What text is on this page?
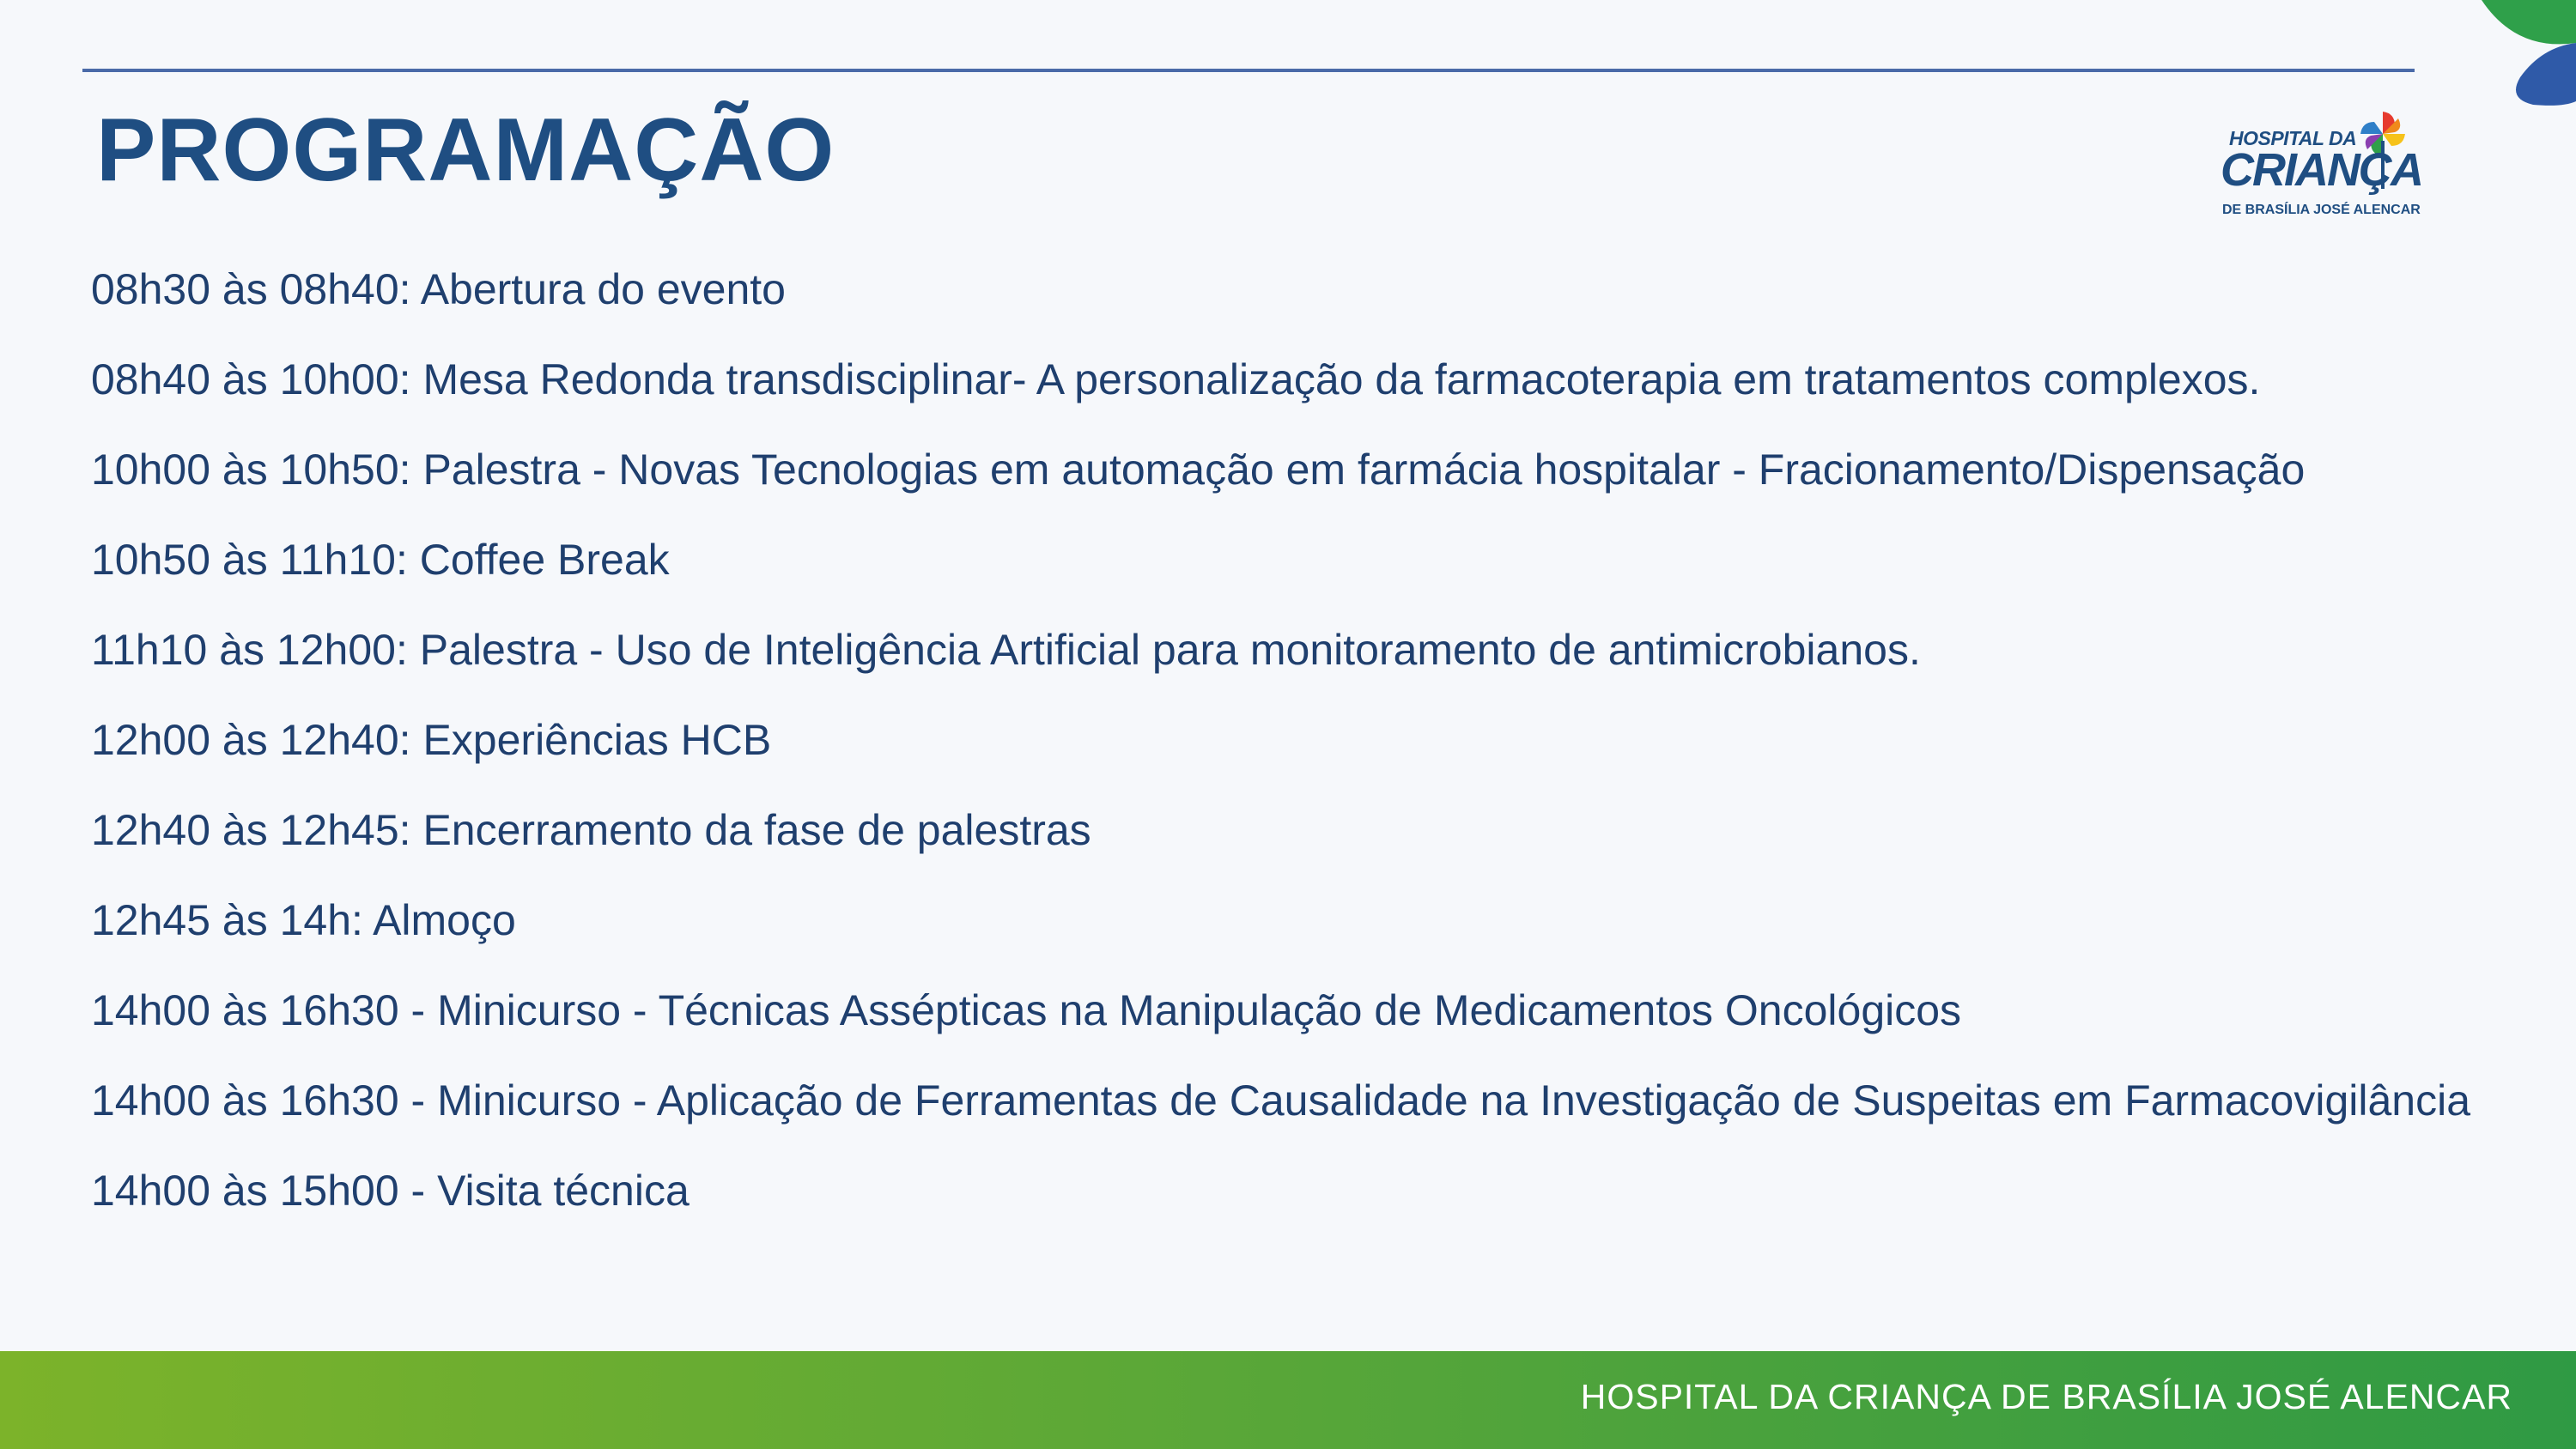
PROGRAMAÇÃO	HOSPITAL DA
CRIANÇA
DE BRASÍLIA JOSÉ ALENCAR
08h30 às 08h40: Abertura do evento
08h40 às 10h00: Mesa Redonda transdisciplinar- A personalização da farmacoterapia em tratamentos complexos.
10h00 às 10h50: Palestra - Novas Tecnologias em automação em farmácia hospitalar - Fracionamento/Dispensação
10h50 às 11h10: Coffee Break
11h10 às 12h00: Palestra - Uso de Inteligência Artificial para monitoramento de antimicrobianos.
12h00 às 12h40: Experiências HCB
12h40 às 12h45: Encerramento da fase de palestras
12h45 às 14h: Almoço
14h00 às 16h30 - Minicurso - Técnicas Assépticas na Manipulação de Medicamentos Oncológicos
14h00 às 16h30 - Minicurso - Aplicação de Ferramentas de Causalidade na Investigação de Suspeitas em Farmacovigilância
14h00 às 15h00 - Visita técnica
HOSPITAL DA CRIANÇA DE BRASÍLIA JOSÉ ALENCAR
